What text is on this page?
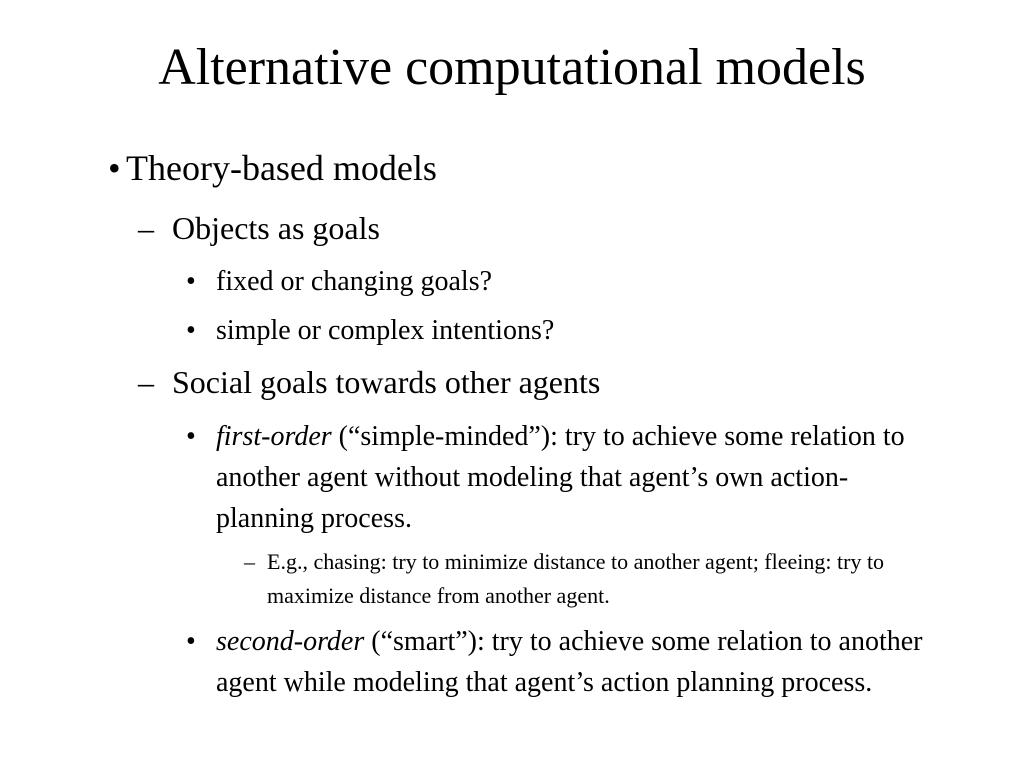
Alternative computational models
• Theory-based models
– Objects as goals
• fixed or changing goals?
• simple or complex intentions?
– Social goals towards other agents
• first-order (“simple-minded”): try to achieve some relation to another agent without modeling that agent’s own action-planning process.
– E.g., chasing: try to minimize distance to another agent; fleeing: try to maximize distance from another agent.
• second-order (“smart”): try to achieve some relation to another agent while modeling that agent’s action planning process.
